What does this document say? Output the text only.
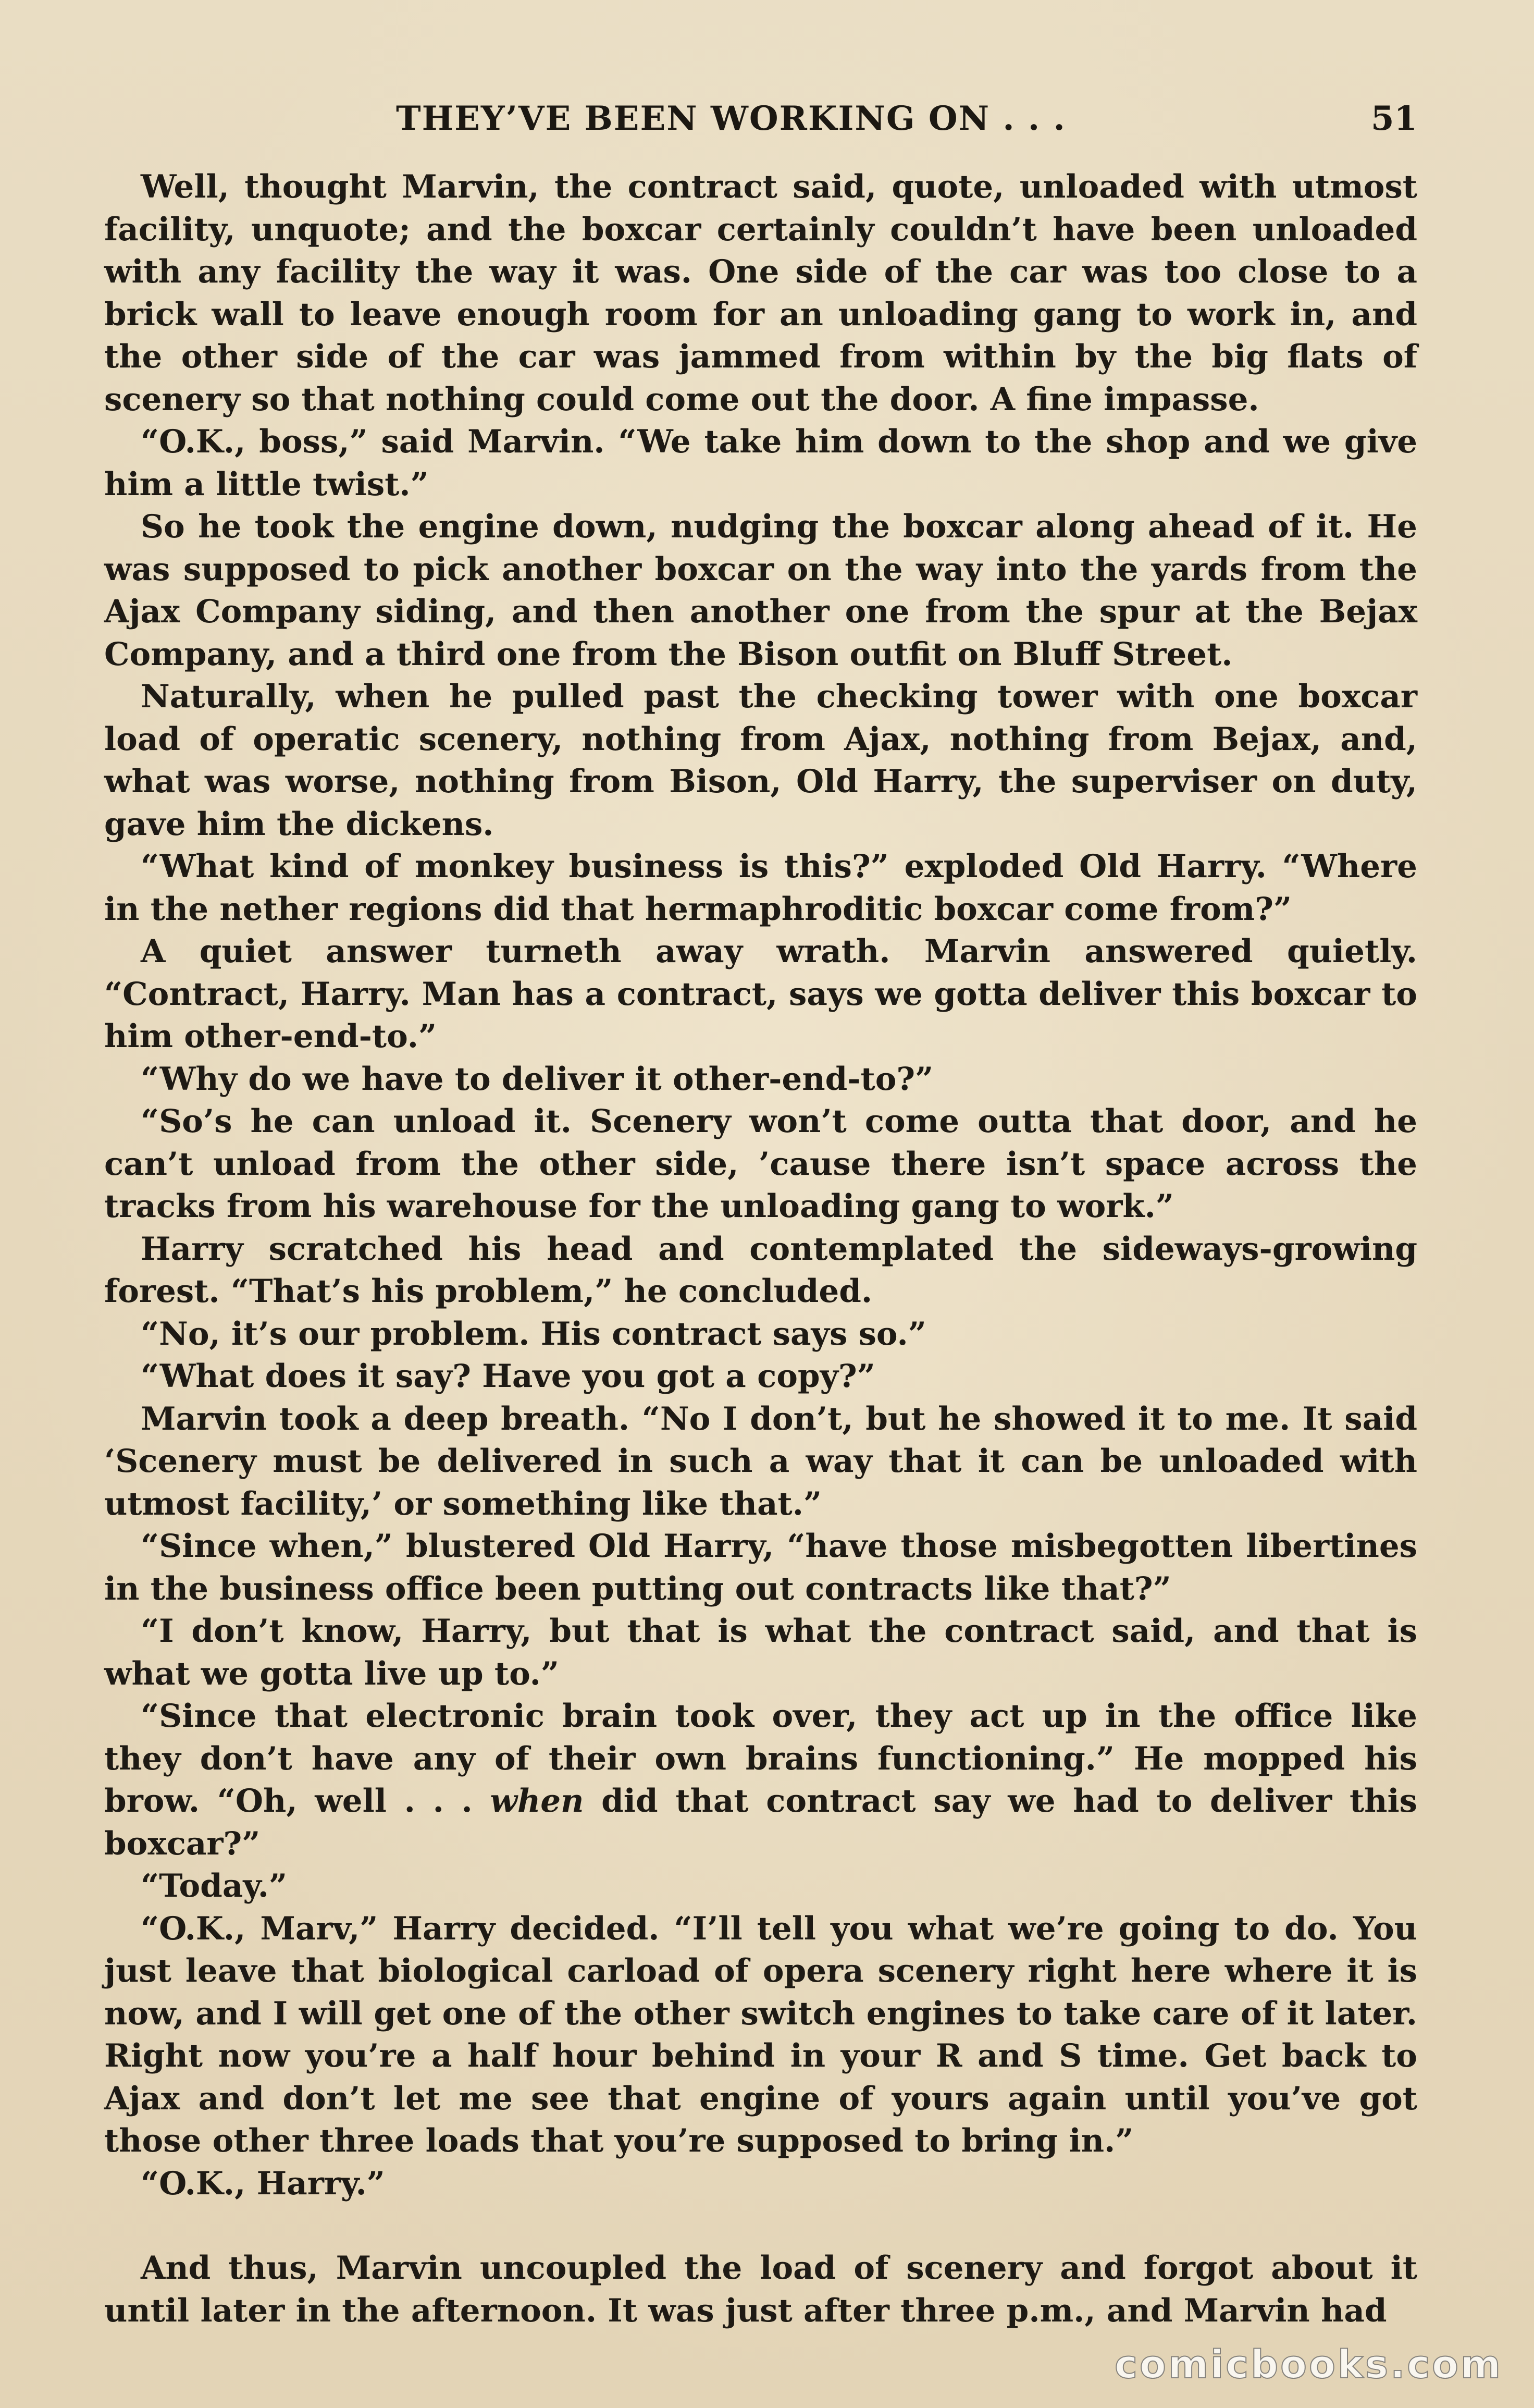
THEY’VE BEEN WORKING ON . . .	51

Well, thought Marvin, the contract said, quote, unloaded with utmost facility, unquote; and the boxcar certainly couldn’t have been unloaded with any facility the way it was. One side of the car was too close to a brick wall to leave enough room for an unloading gang to work in, and the other side of the car was jammed from within by the big flats of scenery so that nothing could come out the door. A fine impasse.

“O.K., boss,” said Marvin. “We take him down to the shop and we give him a little twist.”

So he took the engine down, nudging the boxcar along ahead of it. He was supposed to pick another boxcar on the way into the yards from the Ajax Company siding, and then another one from the spur at the Bejax Company, and a third one from the Bison outfit on Bluff Street.

Naturally, when he pulled past the checking tower with one boxcar load of operatic scenery, nothing from Ajax, nothing from Bejax, and, what was worse, nothing from Bison, Old Harry, the superviser on duty, gave him the dickens.

“What kind of monkey business is this?” exploded Old Harry. “Where in the nether regions did that hermaphroditic boxcar come from?”

A quiet answer turneth away wrath. Marvin answered quietly. “Contract, Harry. Man has a contract, says we gotta deliver this boxcar to him other-end-to.”

“Why do we have to deliver it other-end-to?”

“So’s he can unload it. Scenery won’t come outta that door, and he can’t unload from the other side, ’cause there isn’t space across the tracks from his warehouse for the unloading gang to work.”

Harry scratched his head and contemplated the sideways-growing forest. “That’s his problem,” he concluded.

“No, it’s our problem. His contract says so.”

“What does it say? Have you got a copy?”

Marvin took a deep breath. “No I don’t, but he showed it to me. It said ‘Scenery must be delivered in such a way that it can be unloaded with utmost facility,’ or something like that.”

“Since when,” blustered Old Harry, “have those misbegotten libertines in the business office been putting out contracts like that?”

“I don’t know, Harry, but that is what the contract said, and that is what we gotta live up to.”

“Since that electronic brain took over, they act up in the office like they don’t have any of their own brains functioning.” He mopped his brow. “Oh, well . . . when did that contract say we had to deliver this boxcar?”

“Today.”

“O.K., Marv,” Harry decided. “I’ll tell you what we’re going to do. You just leave that biological carload of opera scenery right here where it is now, and I will get one of the other switch engines to take care of it later. Right now you’re a half hour behind in your R and S time. Get back to Ajax and don’t let me see that engine of yours again until you’ve got those other three loads that you’re supposed to bring in.”

“O.K., Harry.”

And thus, Marvin uncoupled the load of scenery and forgot about it until later in the afternoon. It was just after three p.m., and Marvin had

comicbooks.com
